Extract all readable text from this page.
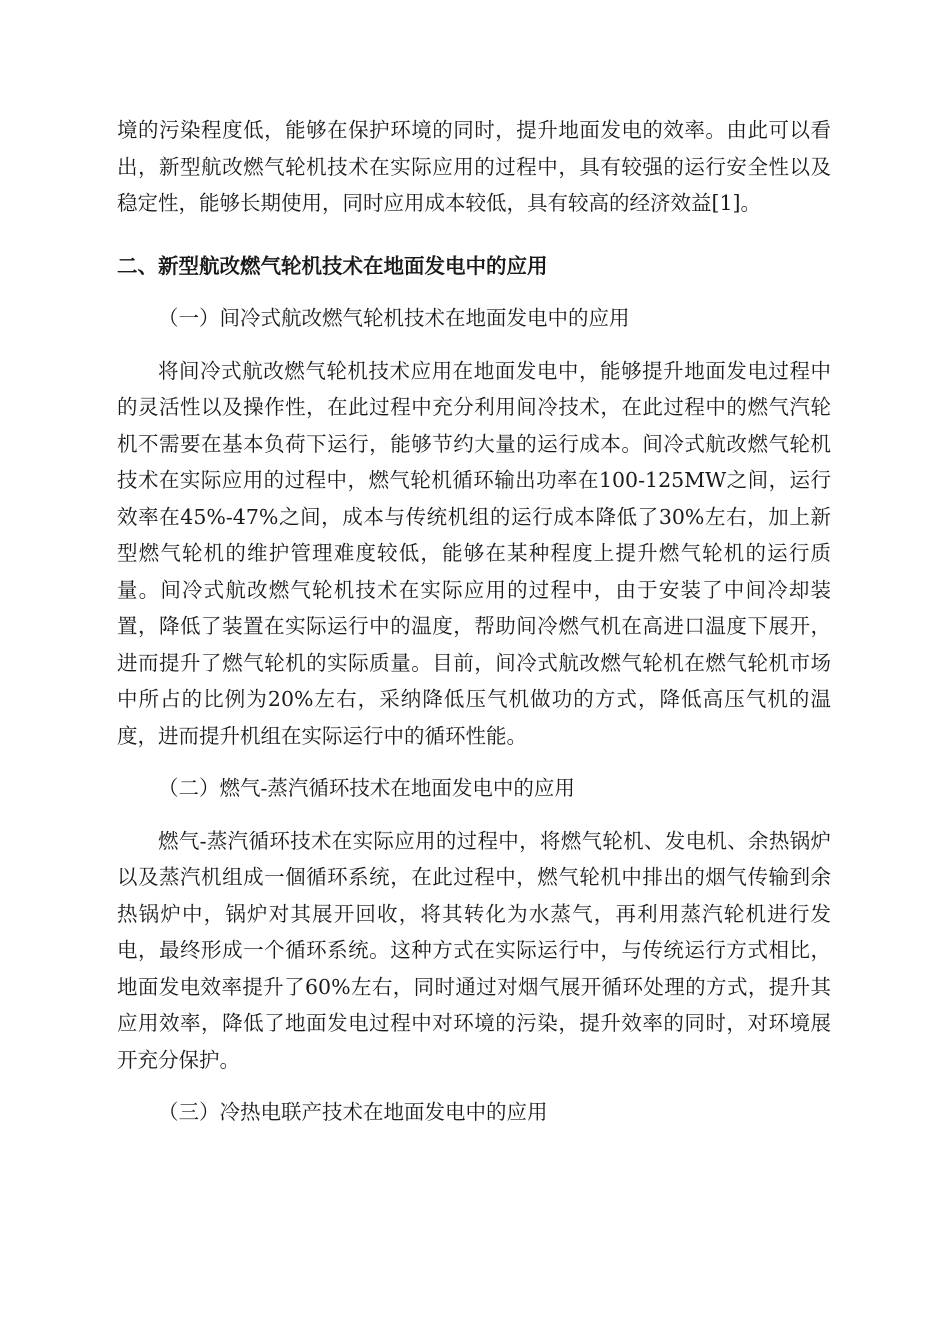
境的污染程度低，能够在保护环境的同时，提升地面发电的效率。由此可以看出，新型航改燃气轮机技术在实际应用的过程中，具有较强的运行安全性以及稳定性，能够长期使用，同时应用成本较低，具有较高的经济效益[1]。

二、新型航改燃气轮机技术在地面发电中的应用

（一）间冷式航改燃气轮机技术在地面发电中的应用

将间冷式航改燃气轮机技术应用在地面发电中，能够提升地面发电过程中的灵活性以及操作性，在此过程中充分利用间冷技术，在此过程中的燃气汽轮机不需要在基本负荷下运行，能够节约大量的运行成本。间冷式航改燃气轮机技术在实际应用的过程中，燃气轮机循环输出功率在100-125MW之间，运行效率在45%-47%之间，成本与传统机组的运行成本降低了30%左右，加上新型燃气轮机的维护管理难度较低，能够在某种程度上提升燃气轮机的运行质量。间冷式航改燃气轮机技术在实际应用的过程中，由于安装了中间冷却装置，降低了装置在实际运行中的温度，帮助间冷燃气机在高进口温度下展开，进而提升了燃气轮机的实际质量。目前，间冷式航改燃气轮机在燃气轮机市场中所占的比例为20%左右，采纳降低压气机做功的方式，降低高压气机的温度，进而提升机组在实际运行中的循环性能。

（二）燃气-蒸汽循环技术在地面发电中的应用

燃气-蒸汽循环技术在实际应用的过程中，将燃气轮机、发电机、余热锅炉以及蒸汽机组成一個循环系统，在此过程中，燃气轮机中排出的烟气传输到余热锅炉中，锅炉对其展开回收，将其转化为水蒸气，再利用蒸汽轮机进行发电，最终形成一个循环系统。这种方式在实际运行中，与传统运行方式相比，地面发电效率提升了60%左右，同时通过对烟气展开循环处理的方式，提升其应用效率，降低了地面发电过程中对环境的污染，提升效率的同时，对环境展开充分保护。

（三）冷热电联产技术在地面发电中的应用
